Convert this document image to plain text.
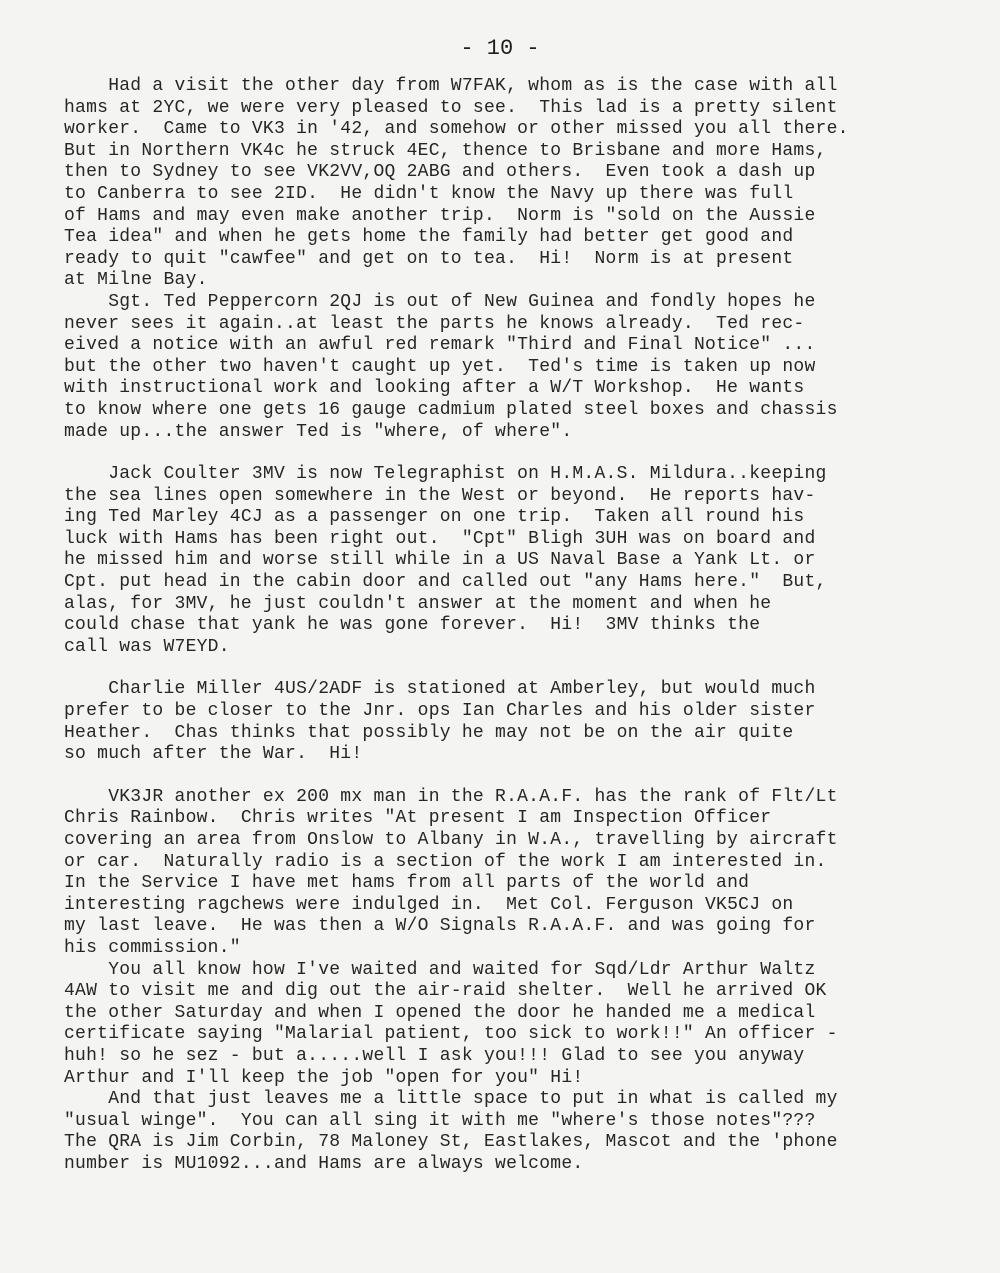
- 10 -

Had a visit the other day from W7FAK, whom as is the case with all
hams at 2YC, we were very pleased to see.  This lad is a pretty silent
worker.  Came to VK3 in '42, and somehow or other missed you all there.
But in Northern VK4c he struck 4EC, thence to Brisbane and more Hams,
then to Sydney to see VK2VV,OQ 2ABG and others.  Even took a dash up
to Canberra to see 2ID.  He didn't know the Navy up there was full
of Hams and may even make another trip.  Norm is "sold on the Aussie
Tea idea" and when he gets home the family had better get good and
ready to quit "cawfee" and get on to tea.  Hi!  Norm is at present
at Milne Bay.

Sgt. Ted Peppercorn 2QJ is out of New Guinea and fondly hopes he
never sees it again..at least the parts he knows already.  Ted rec-
eived a notice with an awful red remark "Third and Final Notice" ...
but the other two haven't caught up yet.  Ted's time is taken up now
with instructional work and looking after a W/T Workshop.  He wants
to know where one gets 16 gauge cadmium plated steel boxes and chassis
made up...the answer Ted is "where, of where".

Jack Coulter 3MV is now Telegraphist on H.M.A.S. Mildura..keeping
the sea lines open somewhere in the West or beyond.  He reports hav-
ing Ted Marley 4CJ as a passenger on one trip.  Taken all round his
luck with Hams has been right out.  "Cpt" Bligh 3UH was on board and
he missed him and worse still while in a US Naval Base a Yank Lt. or
Cpt. put head in the cabin door and called out "any Hams here."  But,
alas, for 3MV, he just couldn't answer at the moment and when he
could chase that yank he was gone forever.  Hi!  3MV thinks the
call was W7EYD.

Charlie Miller 4US/2ADF is stationed at Amberley, but would much
prefer to be closer to the Jnr. ops Ian Charles and his older sister
Heather.  Chas thinks that possibly he may not be on the air quite
so much after the War.  Hi!

VK3JR another ex 200 mx man in the R.A.A.F. has the rank of Flt/Lt
Chris Rainbow.  Chris writes "At present I am Inspection Officer
covering an area from Onslow to Albany in W.A., travelling by aircraft
or car.  Naturally radio is a section of the work I am interested in.
In the Service I have met hams from all parts of the world and
interesting ragchews were indulged in.  Met Col. Ferguson VK5CJ on
my last leave.  He was then a W/O Signals R.A.A.F. and was going for
his commission."

You all know how I've waited and waited for Sqd/Ldr Arthur Waltz
4AW to visit me and dig out the air-raid shelter.  Well he arrived OK
the other Saturday and when I opened the door he handed me a medical
certificate saying "Malarial patient, too sick to work!!" An officer -
huh! so he sez - but a.....well I ask you!!! Glad to see you anyway
Arthur and I'll keep the job "open for you" Hi!

And that just leaves me a little space to put in what is called my
"usual winge".  You can all sing it with me "where's those notes"???
The QRA is Jim Corbin, 78 Maloney St, Eastlakes, Mascot and the 'phone
number is MU1092...and Hams are always welcome.
